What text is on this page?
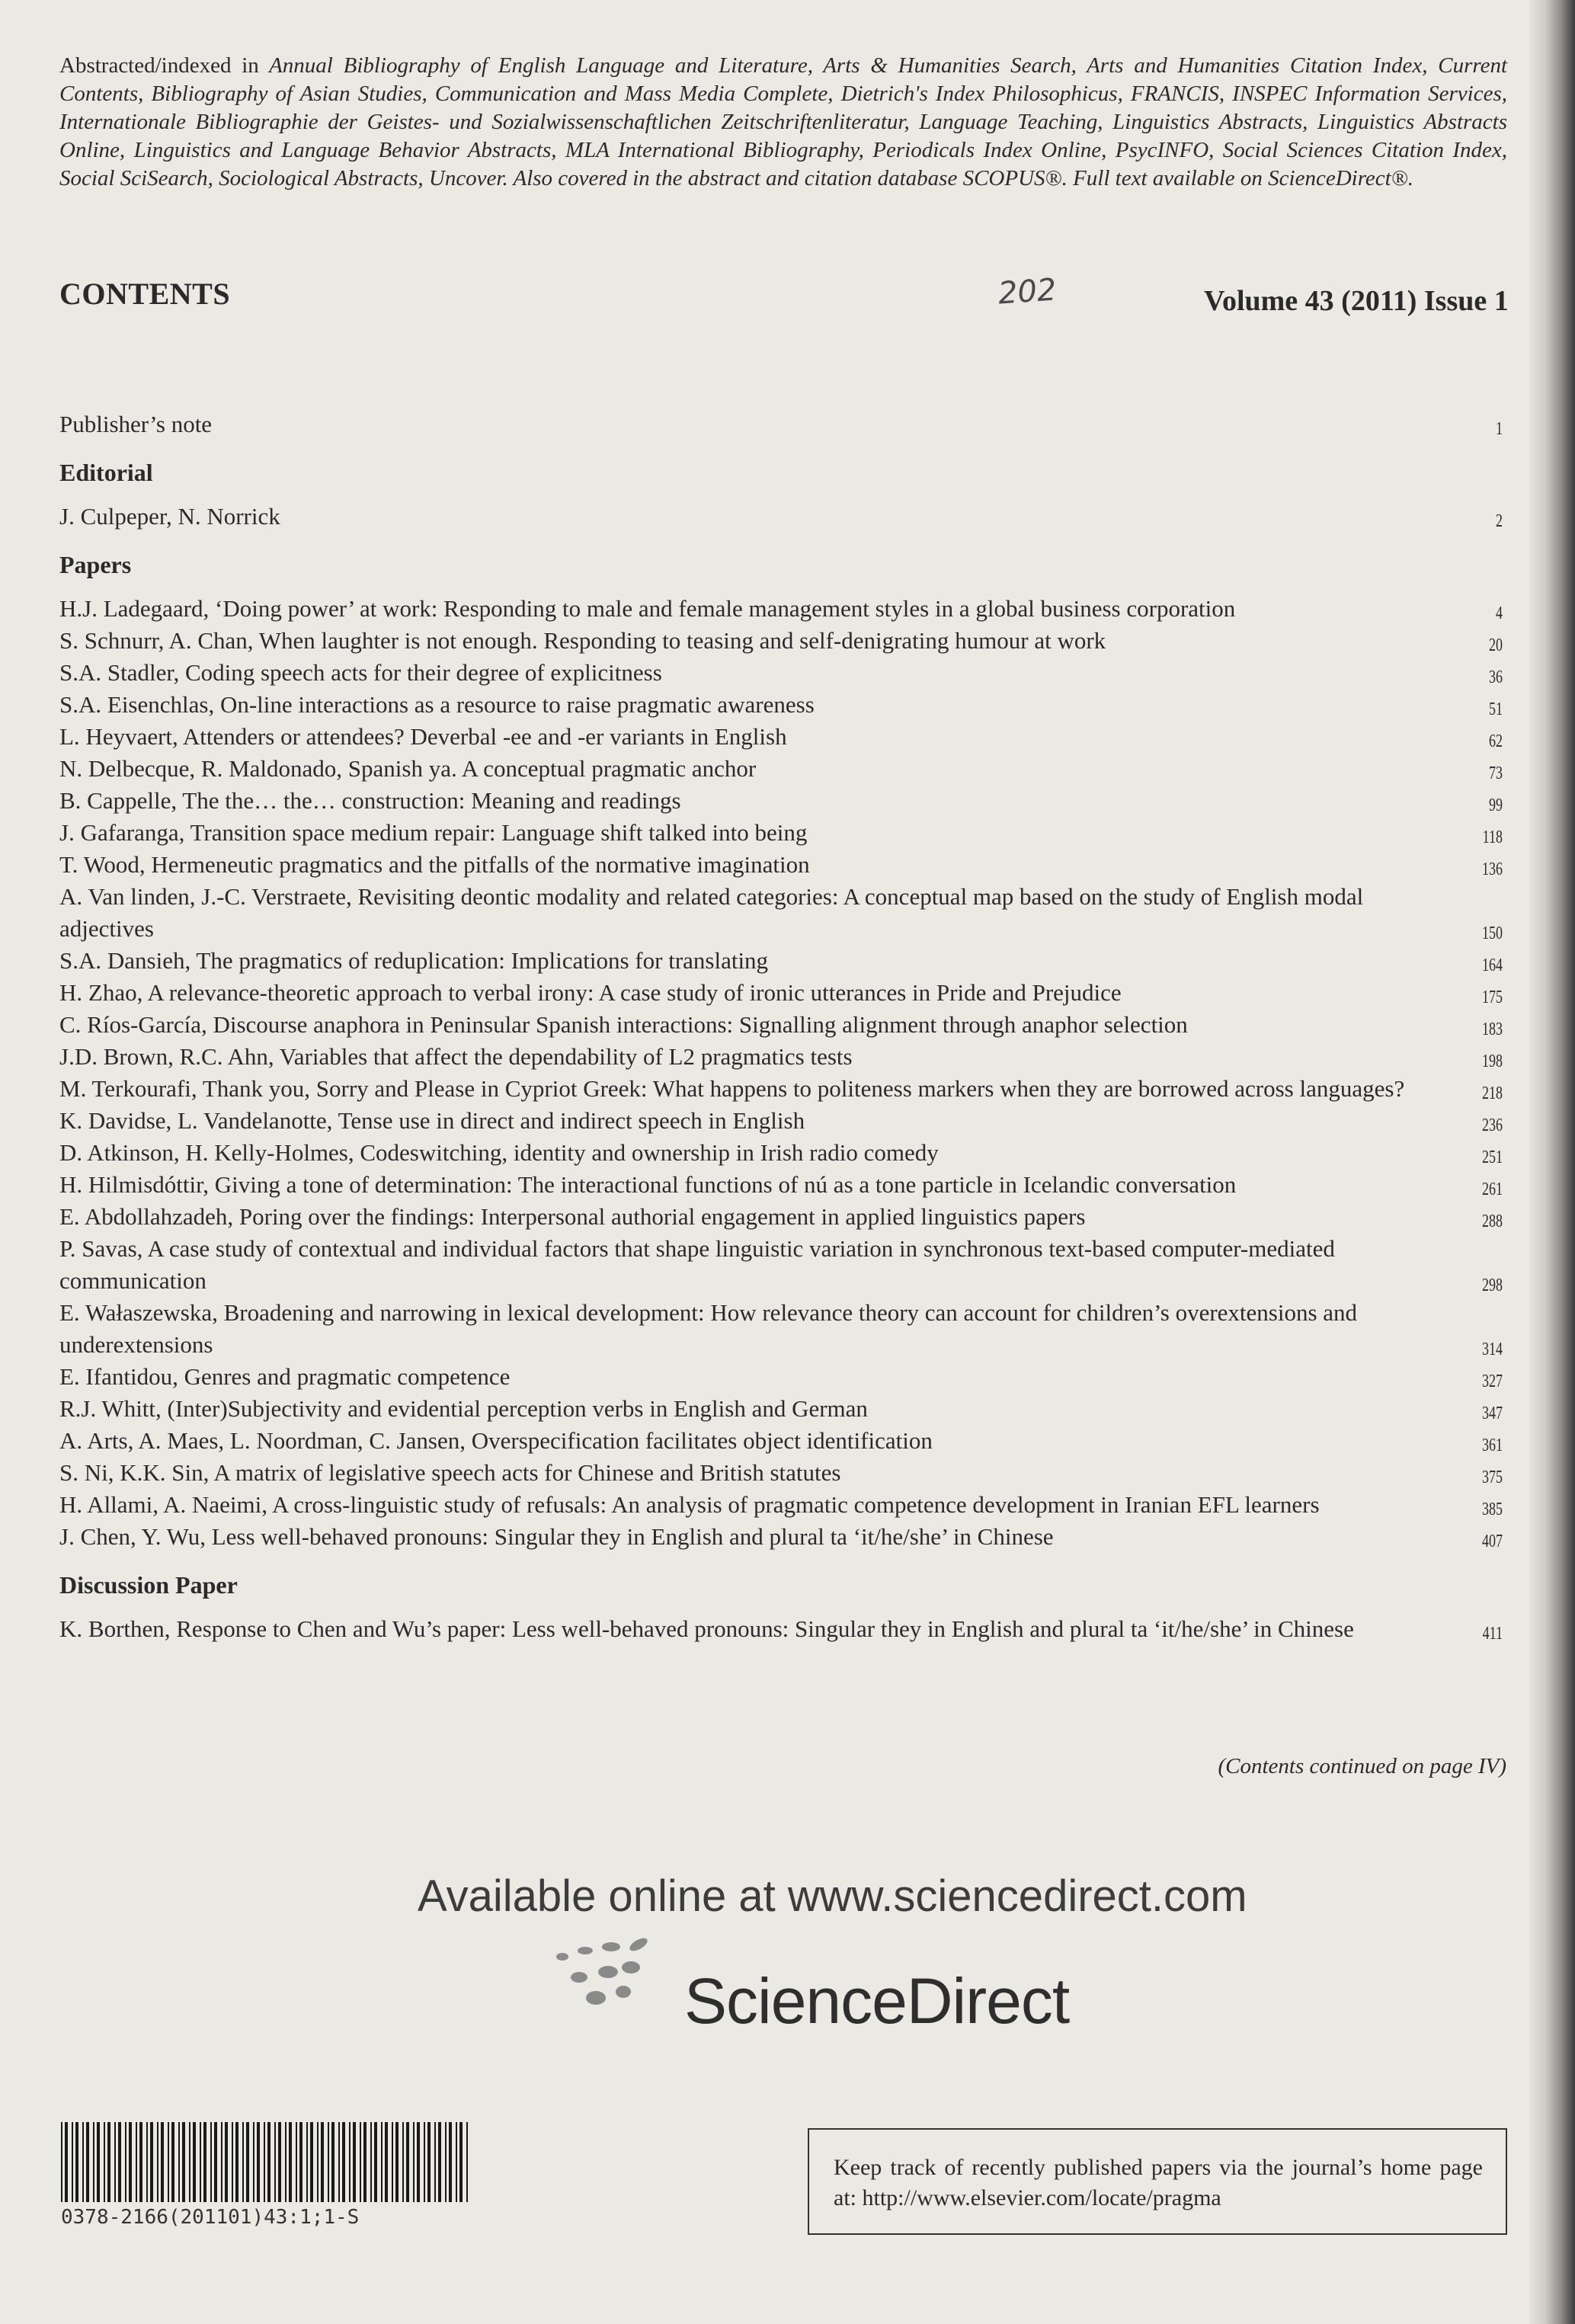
Abstracted/indexed in Annual Bibliography of English Language and Literature, Arts & Humanities Search, Arts and Humanities Citation Index, Current Contents, Bibliography of Asian Studies, Communication and Mass Media Complete, Dietrich's Index Philosophicus, FRANCIS, INSPEC Information Services, Internationale Bibliographie der Geistes- und Sozialwissenschaftlichen Zeitschriftenliteratur, Language Teaching, Linguistics Abstracts, Linguistics Abstracts Online, Linguistics and Language Behavior Abstracts, MLA International Bibliography, Periodicals Index Online, PsycINFO, Social Sciences Citation Index, Social SciSearch, Sociological Abstracts, Uncover. Also covered in the abstract and citation database SCOPUS®. Full text available on ScienceDirect®.
CONTENTS	202	Volume 43 (2011) Issue 1
Publisher’s note	1
Editorial
J. Culpeper, N. Norrick	2
Papers
H.J. Ladegaard, ‘Doing power’ at work: Responding to male and female management styles in a global business corporation	4
S. Schnurr, A. Chan, When laughter is not enough. Responding to teasing and self-denigrating humour at work	20
S.A. Stadler, Coding speech acts for their degree of explicitness	36
S.A. Eisenchlas, On-line interactions as a resource to raise pragmatic awareness	51
L. Heyvaert, Attenders or attendees? Deverbal -ee and -er variants in English	62
N. Delbecque, R. Maldonado, Spanish ya. A conceptual pragmatic anchor	73
B. Cappelle, The the… the… construction: Meaning and readings	99
J. Gafaranga, Transition space medium repair: Language shift talked into being	118
T. Wood, Hermeneutic pragmatics and the pitfalls of the normative imagination	136
A. Van linden, J.-C. Verstraete, Revisiting deontic modality and related categories: A conceptual map based on the study of English modal adjectives	150
S.A. Dansieh, The pragmatics of reduplication: Implications for translating	164
H. Zhao, A relevance-theoretic approach to verbal irony: A case study of ironic utterances in Pride and Prejudice	175
C. Ríos-García, Discourse anaphora in Peninsular Spanish interactions: Signalling alignment through anaphor selection	183
J.D. Brown, R.C. Ahn, Variables that affect the dependability of L2 pragmatics tests	198
M. Terkourafi, Thank you, Sorry and Please in Cypriot Greek: What happens to politeness markers when they are borrowed across languages?	218
K. Davidse, L. Vandelanotte, Tense use in direct and indirect speech in English	236
D. Atkinson, H. Kelly-Holmes, Codeswitching, identity and ownership in Irish radio comedy	251
H. Hilmisdóttir, Giving a tone of determination: The interactional functions of nú as a tone particle in Icelandic conversation	261
E. Abdollahzadeh, Poring over the findings: Interpersonal authorial engagement in applied linguistics papers	288
P. Savas, A case study of contextual and individual factors that shape linguistic variation in synchronous text-based computer-mediated communication	298
E. Wałaszewska, Broadening and narrowing in lexical development: How relevance theory can account for children’s overextensions and underextensions	314
E. Ifantidou, Genres and pragmatic competence	327
R.J. Whitt, (Inter)Subjectivity and evidential perception verbs in English and German	347
A. Arts, A. Maes, L. Noordman, C. Jansen, Overspecification facilitates object identification	361
S. Ni, K.K. Sin, A matrix of legislative speech acts for Chinese and British statutes	375
H. Allami, A. Naeimi, A cross-linguistic study of refusals: An analysis of pragmatic competence development in Iranian EFL learners	385
J. Chen, Y. Wu, Less well-behaved pronouns: Singular they in English and plural ta ‘it/he/she’ in Chinese	407
Discussion Paper
K. Borthen, Response to Chen and Wu’s paper: Less well-behaved pronouns: Singular they in English and plural ta ‘it/he/she’ in Chinese	411
(Contents continued on page IV)
Available online at www.sciencedirect.com
ScienceDirect
0378-2166(201101)43:1;1-S
Keep track of recently published papers via the journal’s home page at: http://www.elsevier.com/locate/pragma
